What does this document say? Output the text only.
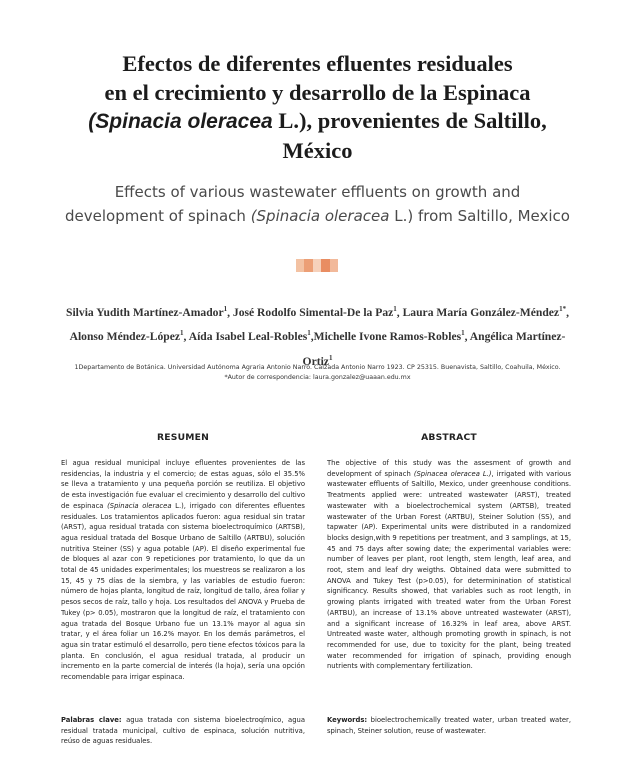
Efectos de diferentes efluentes residuales
en el crecimiento y desarrollo de la Espinaca
(Spinacia oleracea L.), provenientes de Saltillo,
México
Effects of various wastewater effluents on growth and
development of spinach (Spinacia oleracea L.) from Saltillo, Mexico
Silvia Yudith Martínez-Amador$^1$, José Rodolfo Simental-De la Paz$^1$, Laura María González-Méndez$^{1*}$, Alonso Méndez-López$^1$, Aída Isabel Leal-Robles$^1$,Michelle Ivone Ramos-Robles$^1$, Angélica Martínez-Ortiz$^1$
1Departamento de Botánica. Universidad Autónoma Agraria Antonio Narro. Calzada Antonio Narro 1923. CP 25315. Buenavista, Saltillo, Coahuila, México.
*Autor de correspondencia: laura.gonzalez@uaaan.edu.mx
RESUMEN

El agua residual municipal incluye efluentes provenientes de las residencias, la industria y el comercio; de estas aguas, sólo el 35.5% se lleva a tratamiento y una pequeña porción se reutiliza. El objetivo de esta investigación fue evaluar el crecimiento y desarrollo del cultivo de espinaca (Spinacia oleracea L.), irrigado con diferentes efluentes residuales. Los tratamientos aplicados fueron: agua residual sin tratar (ARST), agua residual tratada con sistema bioelectroquímico (ARTSB), agua residual tratada del Bosque Urbano de Saltillo (ARTBU), solución nutritiva Steiner (SS) y agua potable (AP). El diseño experimental fue de bloques al azar con 9 repeticiones por tratamiento, lo que da un total de 45 unidades experimentales; los muestreos se realizaron a los 15, 45 y 75 días de la siembra, y las variables de estudio fueron: número de hojas planta, longitud de raíz, longitud de tallo, área foliar y pesos secos de raíz, tallo y hoja. Los resultados del ANOVA y Prueba de Tukey (p> 0.05), mostraron que la longitud de raíz, el tratamiento con agua tratada del Bosque Urbano fue un 13.1% mayor al agua sin tratar, y el área foliar un 16.2% mayor. En los demás parámetros, el agua sin tratar estimuló el desarrollo, pero tiene efectos tóxicos para la planta. En conclusión, el agua residual tratada, al producir un incremento en la parte comercial de interés (la hoja), sería una opción recomendable para irrigar espinaca.

Palabras clave: agua tratada con sistema bioelectroqímico, agua residual tratada municipal, cultivo de espinaca, solución nutritiva, reúso de aguas residuales.
ABSTRACT

The objective of this study was the assesment of growth and development of spinach (Spinacea oleracea L.), irrigated with various wastewater effluents of Saltillo, Mexico, under greenhouse conditions. Treatments applied were: untreated wastewater (ARST), treated wastewater with a bioelectrochemical system (ARTSB), treated wastewater of the Urban Forest (ARTBU), Steiner Solution (SS), and tapwater (AP). Experimental units were distributed in a randomized blocks design,with 9 repetitions per treatment, and 3 samplings, at 15, 45 and 75 days after sowing date; the experimental variables were: number of leaves per plant, root length, stem length, leaf area, and root, stem and leaf dry weigths. Obtained data were submitted to ANOVA and Tukey Test (p>0.05), for determinination of statistical significancy. Results showed, that variables such as root length, in growing plants irrigated with treated water from the Urban Forest (ARTBU), an increase of 13.1% above untreated wastewater (ARST), and a significant increase of 16.32% in leaf area, above ARST. Untreated waste water, although promoting growth in spinach, is not recommended for use, due to toxicity for the plant, being treated water recommended for irrigation of spinach, providing enough nutrients with complementary fertilization.

Keywords: bioelectrochemically treated water, urban treated water, spinach, Steiner solution, reuse of wastewater.
